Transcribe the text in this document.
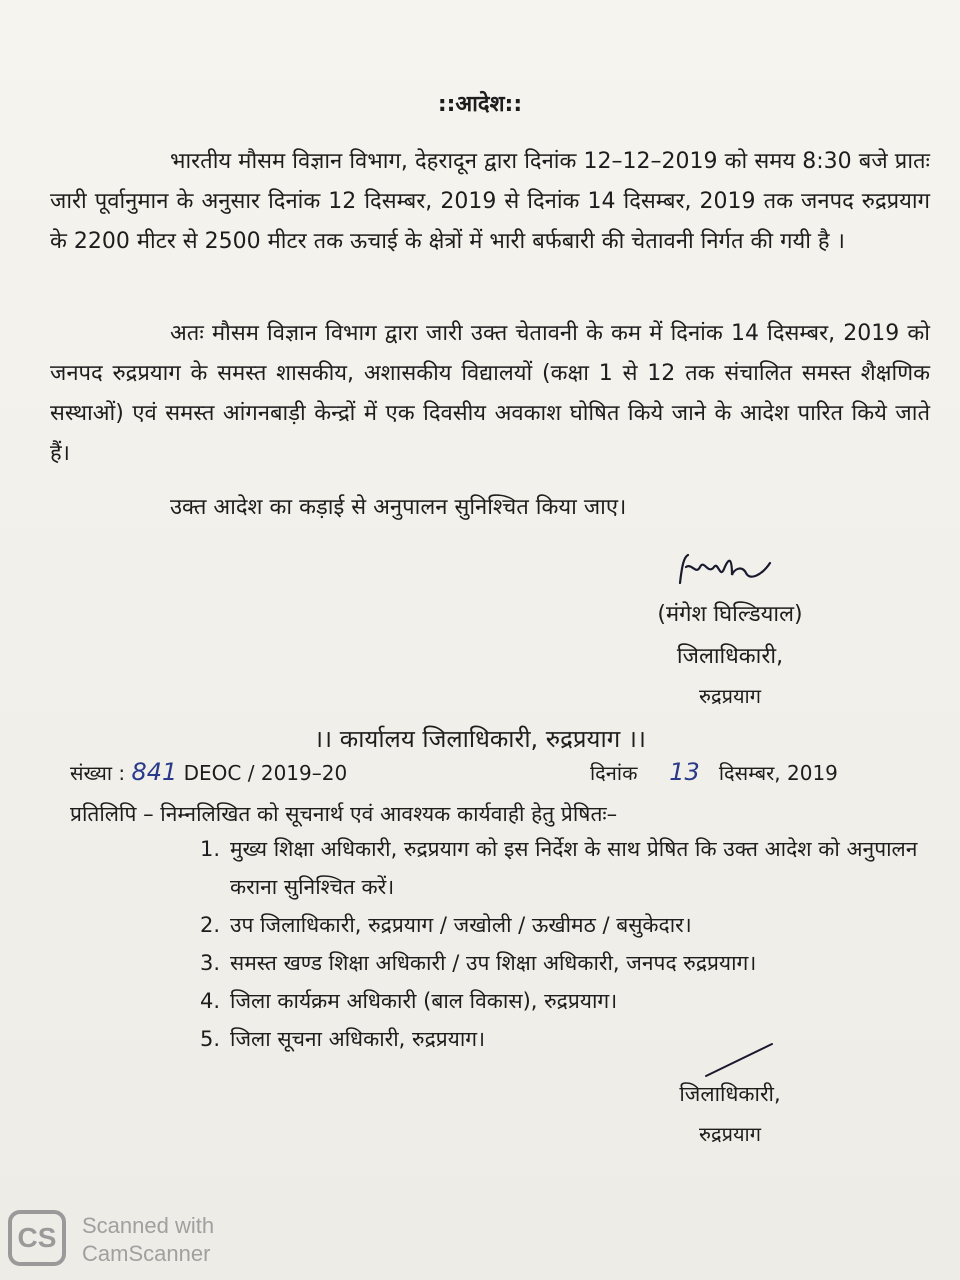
::आदेश::

भारतीय मौसम विज्ञान विभाग, देहरादून द्वारा दिनांक 12–12–2019 को समय 8:30 बजे प्रातः जारी पूर्वानुमान के अनुसार दिनांक 12 दिसम्बर, 2019 से दिनांक 14 दिसम्बर, 2019 तक जनपद रुद्रप्रयाग के 2200 मीटर से 2500 मीटर तक ऊचाई के क्षेत्रों में भारी बर्फबारी की चेतावनी निर्गत की गयी है ।

अतः मौसम विज्ञान विभाग द्वारा जारी उक्त चेतावनी के कम में दिनांक 14 दिसम्बर, 2019 को जनपद रुद्रप्रयाग के समस्त शासकीय, अशासकीय विद्यालयों (कक्षा 1 से 12 तक संचालित समस्त शैक्षणिक सस्थाओं) एवं समस्त आंगनबाड़ी केन्द्रों में एक दिवसीय अवकाश घोषित किये जाने के आदेश पारित किये जाते हैं।

उक्त आदेश का कड़ाई से अनुपालन सुनिश्चित किया जाए।

(मंगेश घिल्डियाल)
जिलाधिकारी,
रुद्रप्रयाग
।। कार्यालय जिलाधिकारी, रुद्रप्रयाग ।।
संख्या : 841 DEOC / 2019–20	दिनांक 13 दिसम्बर, 2019
प्रतिलिपि – निम्नलिखित को सूचनार्थ एवं आवश्यक कार्यवाही हेतु प्रेषितः–
1. मुख्य शिक्षा अधिकारी, रुद्रप्रयाग को इस निर्देश के साथ प्रेषित कि उक्त आदेश को अनुपालन कराना सुनिश्चित करें।
2. उप जिलाधिकारी, रुद्रप्रयाग / जखोली / ऊखीमठ / बसुकेदार।
3. समस्त खण्ड शिक्षा अधिकारी / उप शिक्षा अधिकारी, जनपद रुद्रप्रयाग।
4. जिला कार्यक्रम अधिकारी (बाल विकास), रुद्रप्रयाग।
5. जिला सूचना अधिकारी, रुद्रप्रयाग।
जिलाधिकारी,
रुद्रप्रयाग
CS	Scanned with
CamScanner
